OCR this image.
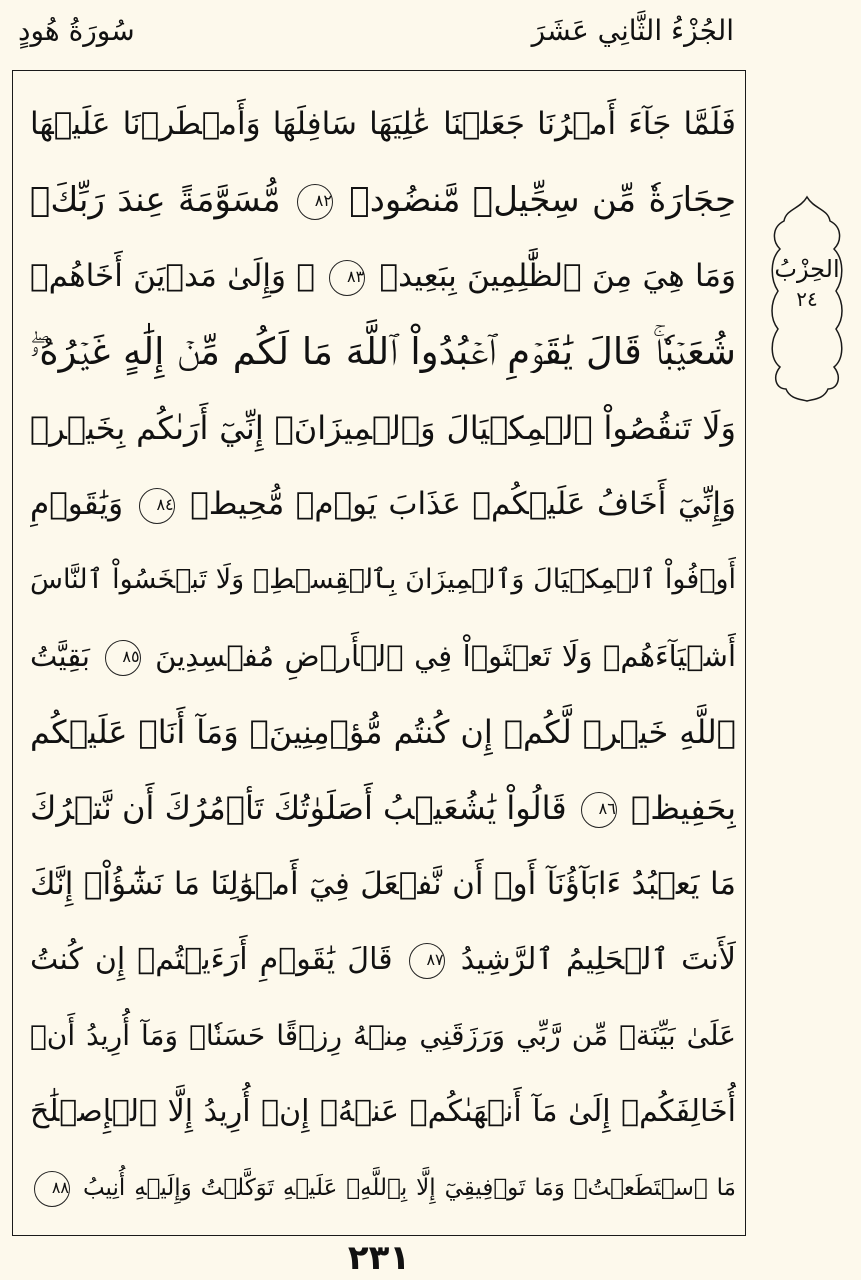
سُورَةُ هُودٍ	الجُزْءُ الثَّانِي عَشَرَ
فَلَمَّا جَآءَ أَمۡرُنَا جَعَلۡنَا عَٰلِيَهَا سَافِلَهَا وَأَمۡطَرۡنَا عَلَيۡهَا
حِجَارَةٗ مِّن سِجِّيلٖ مَّنضُودٖ ٨٢ مُّسَوَّمَةً عِندَ رَبِّكَۖ
وَمَا هِيَ مِنَ ٱلظَّٰلِمِينَ بِبَعِيدٖ ٨٣ ۞ وَإِلَىٰ مَدۡيَنَ أَخَاهُمۡ
شُعَيۡبٗاۚ قَالَ يَٰقَوۡمِ ٱعۡبُدُواْ ٱللَّهَ مَا لَكُم مِّنۡ إِلَٰهٍ غَيۡرُهُۥۖ
وَلَا تَنقُصُواْ ٱلۡمِكۡيَالَ وَٱلۡمِيزَانَۖ إِنِّيٓ أَرَىٰكُم بِخَيۡرٖ
وَإِنِّيٓ أَخَافُ عَلَيۡكُمۡ عَذَابَ يَوۡمٖ مُّحِيطٖ ٨٤ وَيَٰقَوۡمِ
أَوۡفُواْ ٱلۡمِكۡيَالَ وَٱلۡمِيزَانَ بِٱلۡقِسۡطِۖ وَلَا تَبۡخَسُواْ ٱلنَّاسَ
أَشۡيَآءَهُمۡ وَلَا تَعۡثَوۡاْ فِي ٱلۡأَرۡضِ مُفۡسِدِينَ ٨٥ بَقِيَّتُ
ٱللَّهِ خَيۡرٞ لَّكُمۡ إِن كُنتُم مُّؤۡمِنِينَۚ وَمَآ أَنَا۠ عَلَيۡكُم
بِحَفِيظٖ ٨٦ قَالُواْ يَٰشُعَيۡبُ أَصَلَوٰتُكَ تَأۡمُرُكَ أَن نَّتۡرُكَ
مَا يَعۡبُدُ ءَابَآؤُنَآ أَوۡ أَن نَّفۡعَلَ فِيٓ أَمۡوَٰلِنَا مَا نَشَٰٓؤُاْۖ إِنَّكَ
لَأَنتَ ٱلۡحَلِيمُ ٱلرَّشِيدُ ٨٧ قَالَ يَٰقَوۡمِ أَرَءَيۡتُمۡ إِن كُنتُ
عَلَىٰ بَيِّنَةٖ مِّن رَّبِّي وَرَزَقَنِي مِنۡهُ رِزۡقًا حَسَنٗاۚ وَمَآ أُرِيدُ أَنۡ
أُخَالِفَكُمۡ إِلَىٰ مَآ أَنۡهَىٰكُمۡ عَنۡهُۚ إِنۡ أُرِيدُ إِلَّا ٱلۡإِصۡلَٰحَ
مَا ٱسۡتَطَعۡتُۚ وَمَا تَوۡفِيقِيٓ إِلَّا بِٱللَّهِۚ عَلَيۡهِ تَوَكَّلۡتُ وَإِلَيۡهِ أُنِيبُ ٨٨
الحِزْبُ
٢٤
٢٣١
